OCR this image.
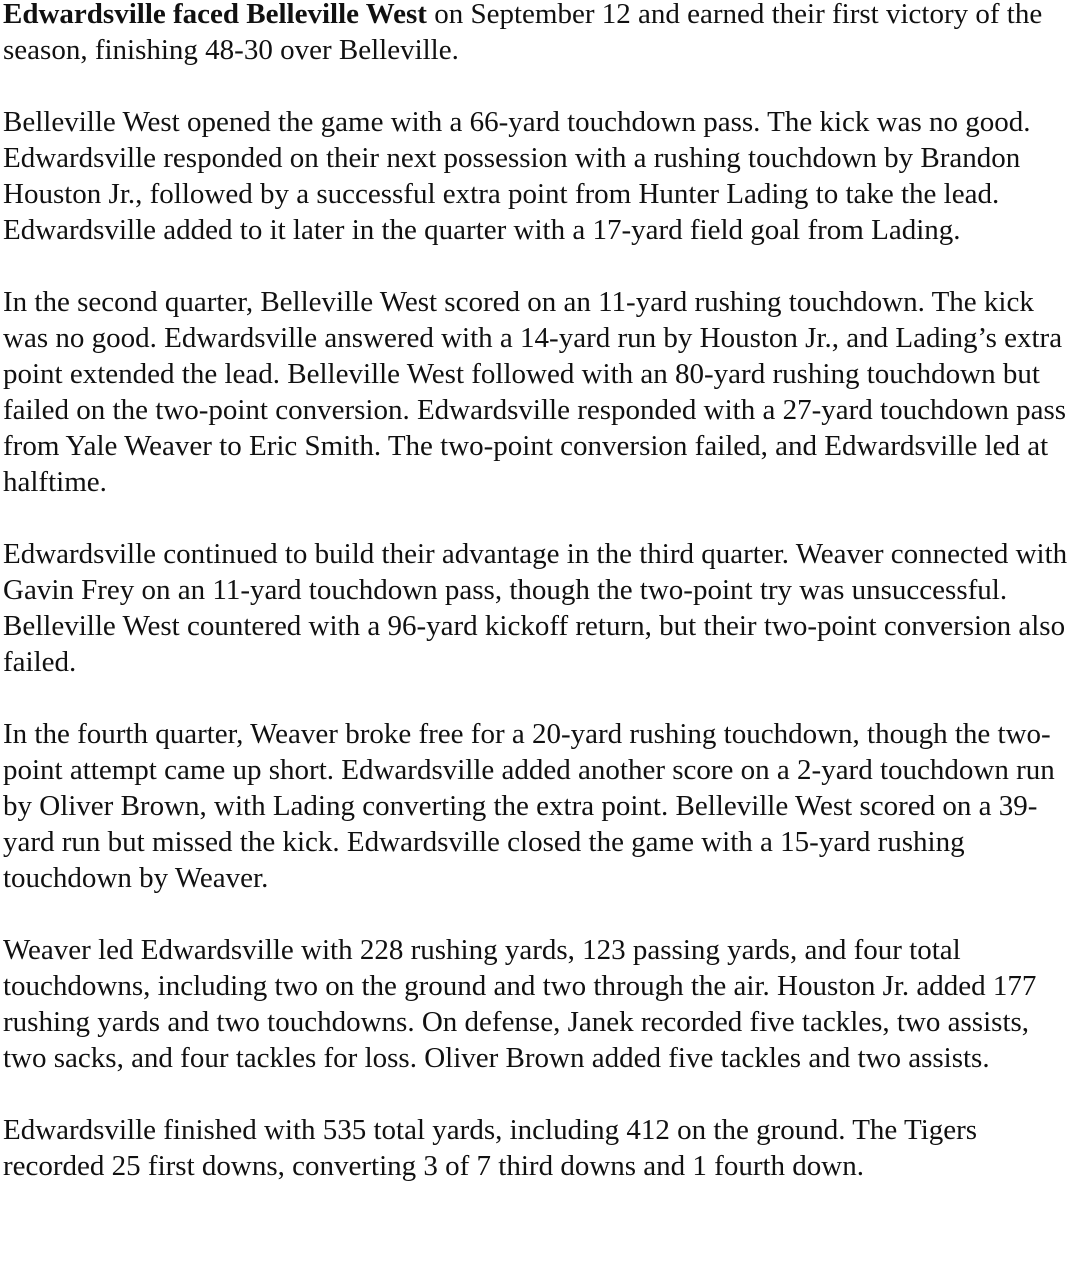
Edwardsville faced Belleville West on September 12 and earned their first victory of the season, finishing 48-30 over Belleville.

Belleville West opened the game with a 66-yard touchdown pass. The kick was no good. Edwardsville responded on their next possession with a rushing touchdown by Brandon Houston Jr., followed by a successful extra point from Hunter Lading to take the lead. Edwardsville added to it later in the quarter with a 17-yard field goal from Lading.

In the second quarter, Belleville West scored on an 11-yard rushing touchdown. The kick was no good. Edwardsville answered with a 14-yard run by Houston Jr., and Lading’s extra point extended the lead. Belleville West followed with an 80-yard rushing touchdown but failed on the two-point conversion. Edwardsville responded with a 27-yard touchdown pass from Yale Weaver to Eric Smith. The two-point conversion failed, and Edwardsville led at halftime.

Edwardsville continued to build their advantage in the third quarter. Weaver connected with Gavin Frey on an 11-yard touchdown pass, though the two-point try was unsuccessful. Belleville West countered with a 96-yard kickoff return, but their two-point conversion also failed.

In the fourth quarter, Weaver broke free for a 20-yard rushing touchdown, though the two-point attempt came up short. Edwardsville added another score on a 2-yard touchdown run by Oliver Brown, with Lading converting the extra point. Belleville West scored on a 39-yard run but missed the kick. Edwardsville closed the game with a 15-yard rushing touchdown by Weaver.

Weaver led Edwardsville with 228 rushing yards, 123 passing yards, and four total touchdowns, including two on the ground and two through the air. Houston Jr. added 177 rushing yards and two touchdowns. On defense, Janek recorded five tackles, two assists, two sacks, and four tackles for loss. Oliver Brown added five tackles and two assists.

Edwardsville finished with 535 total yards, including 412 on the ground. The Tigers recorded 25 first downs, converting 3 of 7 third downs and 1 fourth down.
